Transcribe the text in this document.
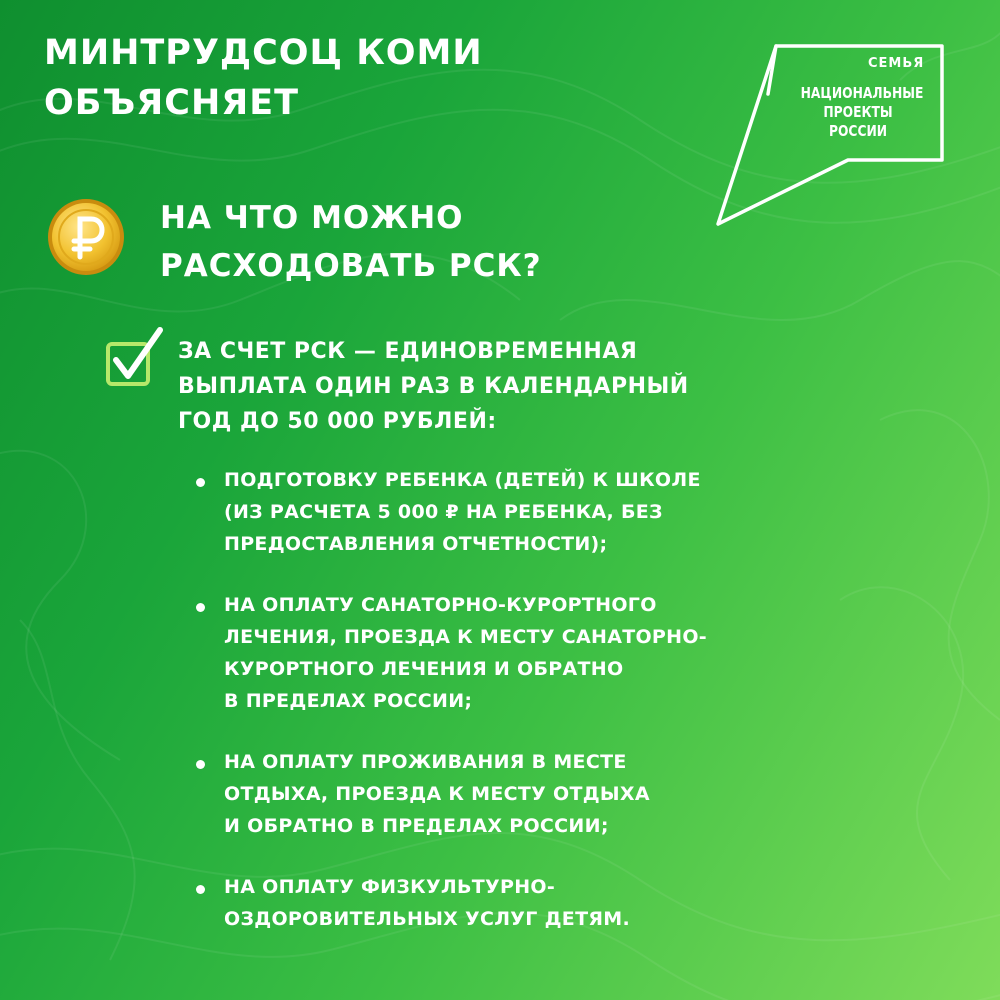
МИНТРУДСОЦ КОМИ
ОБЪЯСНЯЕТ
СЕМЬЯ
НАЦИОНАЛЬНЫЕ
ПРОЕКТЫ
РОССИИ
НА ЧТО МОЖНО
РАСХОДОВАТЬ РСК?

ЗА СЧЕТ РСК — ЕДИНОВРЕМЕННАЯ
ВЫПЛАТА ОДИН РАЗ В КАЛЕНДАРНЫЙ
ГОД ДО 50 000 РУБЛЕЙ:

ПОДГОТОВКУ РЕБЕНКА (ДЕТЕЙ) К ШКОЛЕ
(ИЗ РАСЧЕТА 5 000 ₽ НА РЕБЕНКА, БЕЗ
ПРЕДОСТАВЛЕНИЯ ОТЧЕТНОСТИ);
НА ОПЛАТУ САНАТОРНО-КУРОРТНОГО
ЛЕЧЕНИЯ, ПРОЕЗДА К МЕСТУ САНАТОРНО-
КУРОРТНОГО ЛЕЧЕНИЯ И ОБРАТНО
В ПРЕДЕЛАХ РОССИИ;
НА ОПЛАТУ ПРОЖИВАНИЯ В МЕСТЕ
ОТДЫХА, ПРОЕЗДА К МЕСТУ ОТДЫХА
И ОБРАТНО В ПРЕДЕЛАХ РОССИИ;
НА ОПЛАТУ ФИЗКУЛЬТУРНО-
ОЗДОРОВИТЕЛЬНЫХ УСЛУГ ДЕТЯМ.
